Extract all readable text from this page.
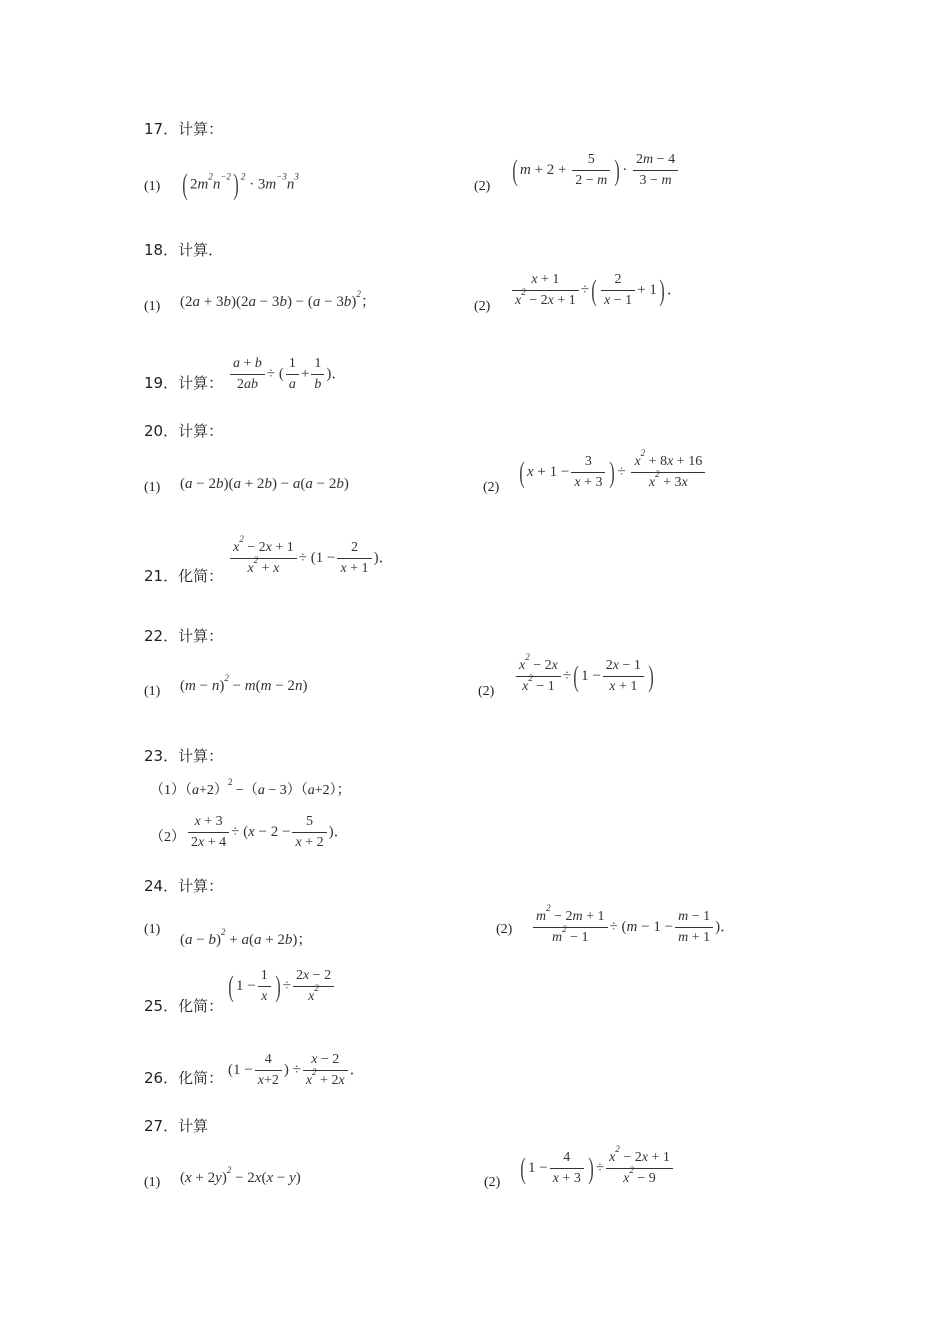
17．计算：
(1) ( $2m^2n^{-2}$) $^2 \cdot 3m^{-3}n^3$
(2) ( $m + 2 + \frac{5}{2 - m}$ ) · $\frac{2m - 4}{3 - m}$
18．计算．
(1) $(2a + 3b)(2a - 3b) - (a - 3b)^2$；	$(2) \frac{x + 1}{x^2 - 2x + 1}$ ÷( $\frac{2}{x - 1} + 1$) ．
19．计算： $\frac{a + b}{2ab}$ ÷ ( $\frac{1}{a} + \frac{1}{b}$ )．
20．计算：
(1) (a − 2b)(a + 2b) − a(a − 2b)	(2) ( $x + 1 - \frac{3}{x + 3}$ ) ÷ $\frac{x^2 + 8x + 16}{x^2 + 3x}$
21．化简： $\frac{x^2 - 2x + 1}{x^2 + x} \div (1 - \frac{2}{x + 1}$ )．
22．计算：
(1) $(m - n)^2 - m(m - 2n)$	$(2) \frac{x^2 - 2x}{x^2 - 1}$ ÷( $1 - \frac{2x - 1}{x + 1}$ )
23．计算：
$(1)(a+2)^2 -(a - 3)(a+2)$；
$(2) \frac{x + 3}{2x + 4} \div (x - 2 - \frac{5}{x + 2}$ )．
24．计算：
(1)
$(a - b)^2 + a(a + 2b)$；
$(2) \frac{m^2 - 2m + 1}{m^2 - 1} \div (m - 1 - \frac{m - 1}{m + 1}$ )．
25．化简：
( $1 - \frac{1}{x}$ ) ÷ $\frac{2x - 2}{x^2}$
26．化简： ($1 - \frac{4}{x+2}$ ) ÷ $\frac{x - 2}{x^2 + 2x}$ ．
27．计算
(1) $(x + 2y)^2 - 2x(x - y)$	(2) ( $1 - \frac{4}{x + 3}$ ) ÷ $\frac{x^2 - 2x + 1}{x^2 - 9}$
